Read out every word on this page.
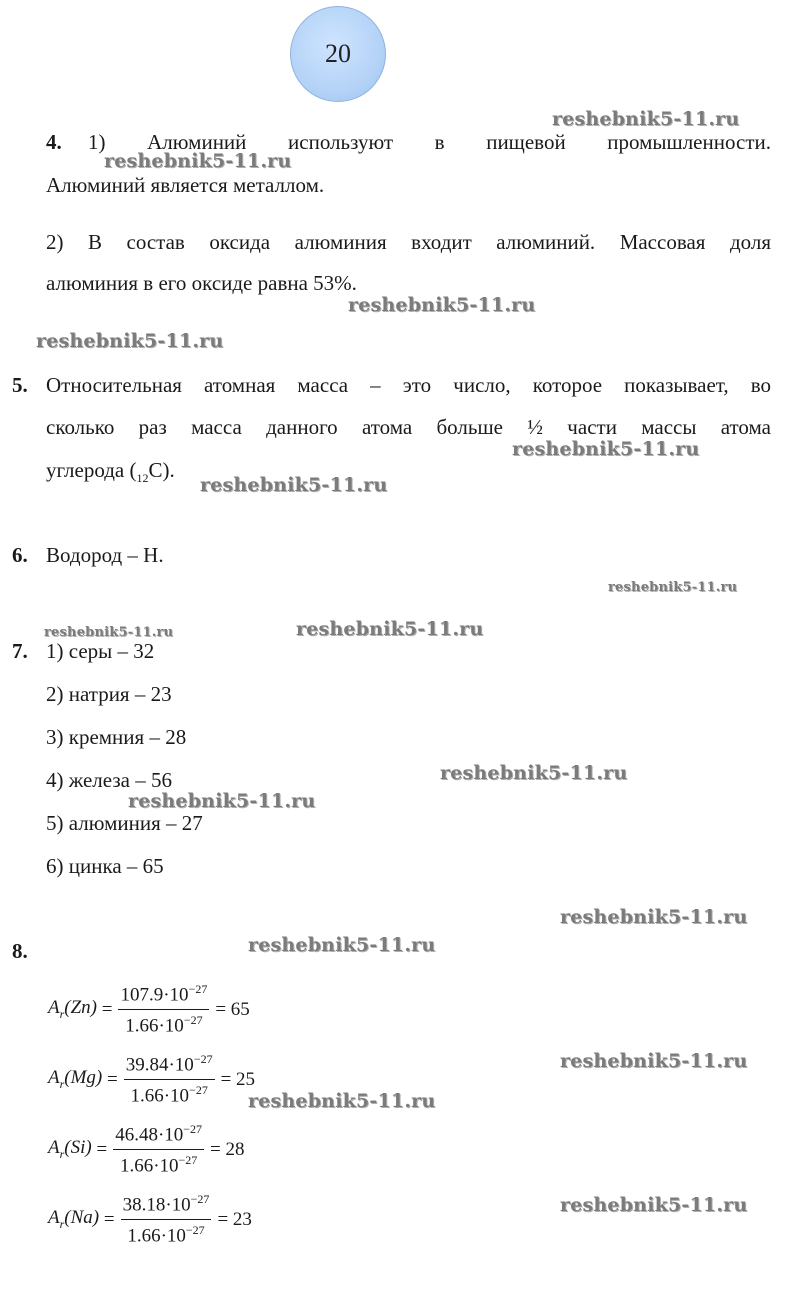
20
4. 1) Алюминий используют в пищевой промышленности.
Алюминий является металлом.
2) В состав оксида алюминия входит алюминий. Массовая доля
алюминия в его оксиде равна 53%.
5. Относительная атомная масса – это число, которое показывает, во
сколько раз масса данного атома больше ½ части массы атома
углерода $(_{12}C)$.
6. Водород – Н.
7. 1) серы – 32
2) натрия – 23
3) кремния – 28
4) железа – 56
5) алюминия – 27
6) цинка – 65
8.
$A_r(Zn) = \frac{107.9\cdot 10^{-27}}{1.66\cdot 10^{-27}} = 65$
$A_r(Mg) = \frac{39.84\cdot 10^{-27}}{1.66\cdot 10^{-27}} = 25$
$A_r(Si) = \frac{46.48\cdot 10^{-27}}{1.66\cdot 10^{-27}} = 28$
$A_r(Na) = \frac{38.18\cdot 10^{-27}}{1.66\cdot 10^{-27}} = 23$
reshebnik5-11.ru
reshebnik5-11.ru
reshebnik5-11.ru
reshebnik5-11.ru
reshebnik5-11.ru
reshebnik5-11.ru
reshebnik5-11.ru
reshebnik5-11.ru	reshebnik5-11.ru
reshebnik5-11.ru
reshebnik5-11.ru
reshebnik5-11.ru
reshebnik5-11.ru
reshebnik5-11.ru
reshebnik5-11.ru
reshebnik5-11.ru
